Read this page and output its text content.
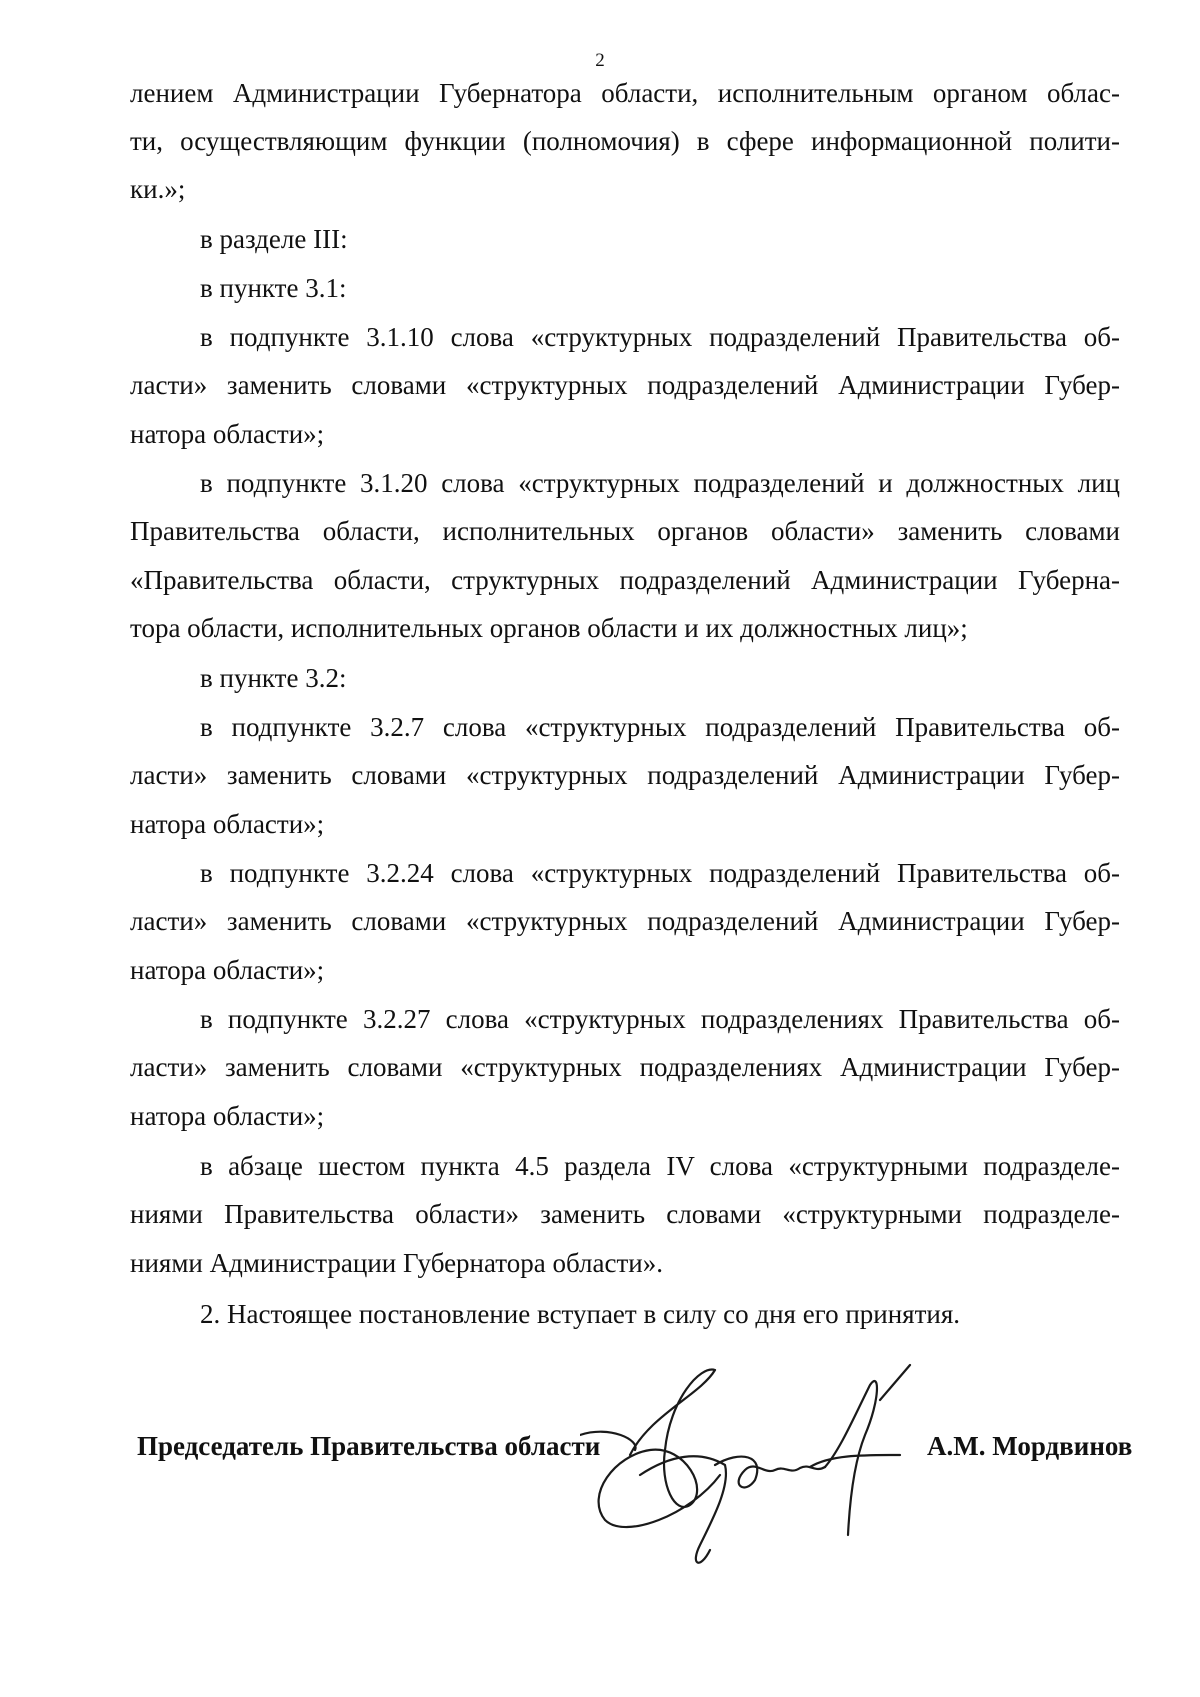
2

лением Администрации Губернатора области, исполнительным органом облас-

ти, осуществляющим функции (полномочия) в сфере информационной полити-

ки.»;

в разделе III:

в пункте 3.1:

в подпункте 3.1.10 слова «структурных подразделений Правительства об-

ласти» заменить словами «структурных подразделений Администрации Губер-

натора области»;

в подпункте 3.1.20 слова «структурных подразделений и должностных лиц

Правительства области, исполнительных органов области» заменить словами

«Правительства области, структурных подразделений Администрации Губерна-

тора области, исполнительных органов области и их должностных лиц»;

в пункте 3.2:

в подпункте 3.2.7 слова «структурных подразделений Правительства об-

ласти» заменить словами «структурных подразделений Администрации Губер-

натора области»;

в подпункте 3.2.24 слова «структурных подразделений Правительства об-

ласти» заменить словами «структурных подразделений Администрации Губер-

натора области»;

в подпункте 3.2.27 слова «структурных подразделениях Правительства об-

ласти» заменить словами «структурных подразделениях Администрации Губер-

натора области»;

в абзаце шестом пункта 4.5 раздела IV слова «структурными подразделе-

ниями Правительства области» заменить словами «структурными подразделе-

ниями Администрации Губернатора области».

2. Настоящее постановление вступает в силу со дня его принятия.

Председатель Правительства области	А.М. Мордвинов
